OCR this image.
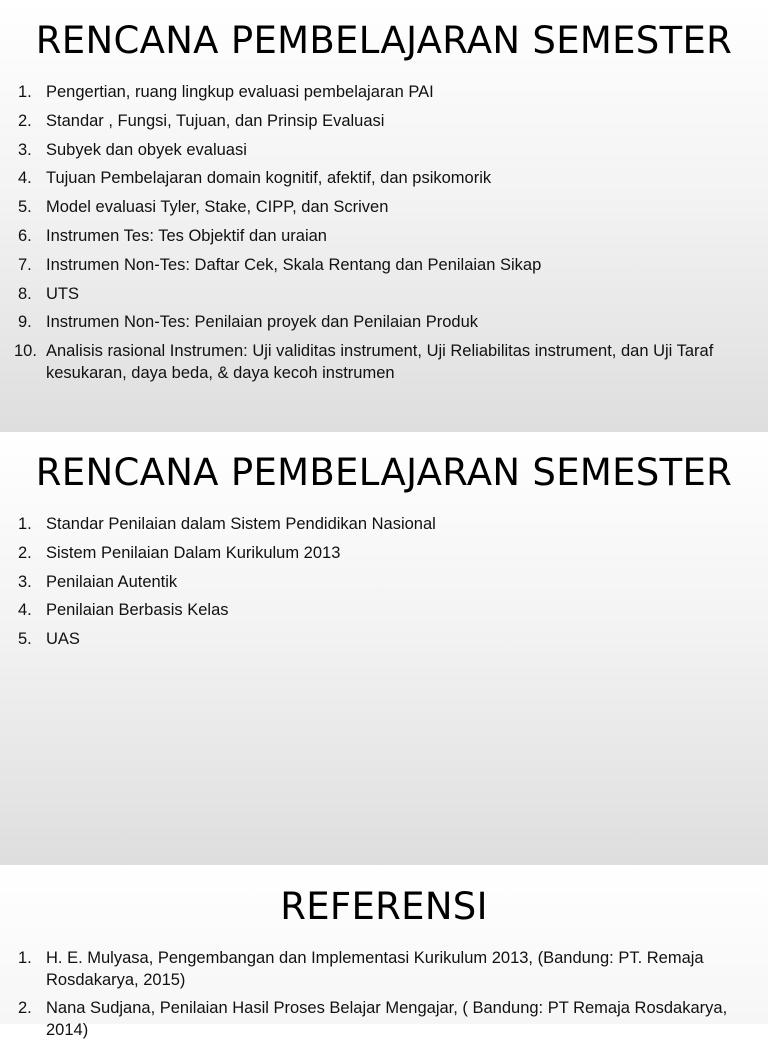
RENCANA PEMBELAJARAN SEMESTER
1. Pengertian, ruang lingkup evaluasi pembelajaran PAI
2. Standar , Fungsi, Tujuan, dan Prinsip Evaluasi
3. Subyek dan obyek evaluasi
4. Tujuan Pembelajaran domain kognitif, afektif, dan psikomorik
5. Model evaluasi Tyler, Stake, CIPP, dan Scriven
6. Instrumen Tes: Tes Objektif dan uraian
7. Instrumen Non-Tes: Daftar Cek, Skala Rentang dan Penilaian Sikap
8. UTS
9. Instrumen Non-Tes: Penilaian proyek dan Penilaian Produk
10. Analisis rasional Instrumen: Uji validitas instrument, Uji Reliabilitas instrument, dan Uji Taraf kesukaran, daya beda, & daya kecoh instrumen
RENCANA PEMBELAJARAN SEMESTER
1. Standar Penilaian dalam Sistem Pendidikan Nasional
2. Sistem Penilaian Dalam Kurikulum 2013
3. Penilaian Autentik
4. Penilaian Berbasis Kelas
5. UAS
REFERENSI
1. H. E. Mulyasa, Pengembangan dan Implementasi Kurikulum 2013, (Bandung: PT. Remaja Rosdakarya, 2015)
2. Nana Sudjana, Penilaian Hasil Proses Belajar Mengajar, ( Bandung: PT Remaja Rosdakarya, 2014)
